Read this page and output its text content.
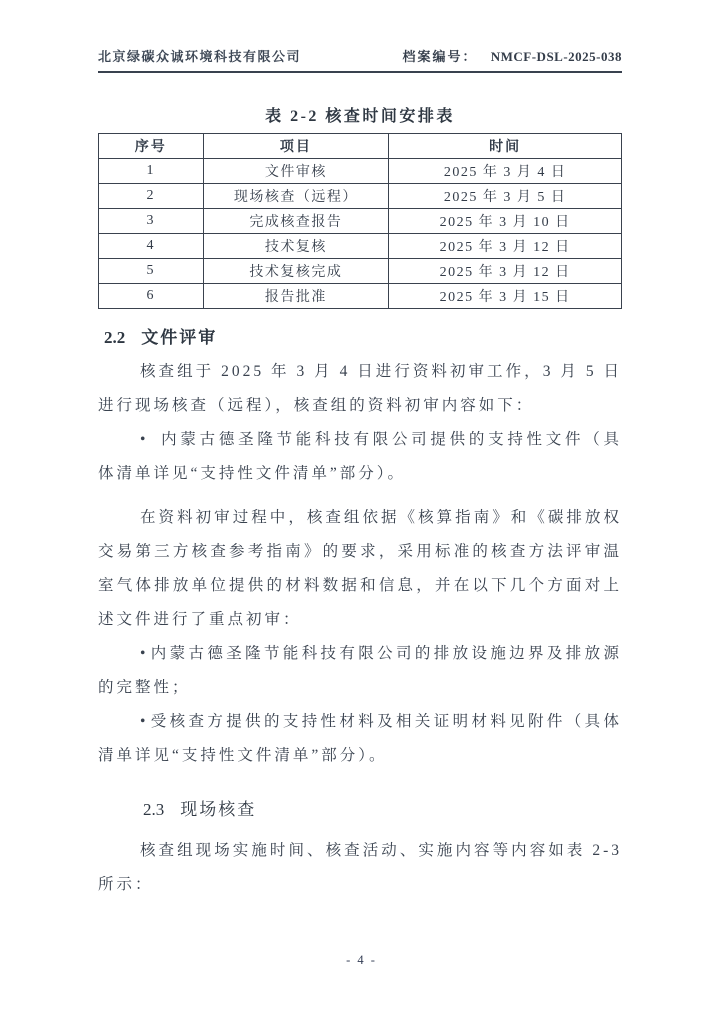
北京绿碳众诚环境科技有限公司	档案编号： NMCF-DSL-2025-038
表 2-2 核查时间安排表
序号	项目	时间
1	文件审核	2025 年 3 月 4 日
2	现场核查（远程）	2025 年 3 月 5 日
3	完成核查报告	2025 年 3 月 10 日
4	技术复核	2025 年 3 月 12 日
5	技术复核完成	2025 年 3 月 12 日
6	报告批准	2025 年 3 月 15 日
2.2 文件评审

核查组于 2025 年 3 月 4 日进行资料初审工作，3 月 5 日进行现场核查（远程），核查组的资料初审内容如下：

• 内蒙古德圣隆节能科技有限公司提供的支持性文件（具体清单详见“支持性文件清单”部分）。

在资料初审过程中，核查组依据《核算指南》和《碳排放权交易第三方核查参考指南》的要求，采用标准的核查方法评审温室气体排放单位提供的材料数据和信息，并在以下几个方面对上述文件进行了重点初审：

• 内蒙古德圣隆节能科技有限公司的排放设施边界及排放源的完整性；

• 受核查方提供的支持性材料及相关证明材料见附件（具体清单详见“支持性文件清单”部分）。

2.3 现场核查

核查组现场实施时间、核查活动、实施内容等内容如表 2-3 所示：

- 4 -
